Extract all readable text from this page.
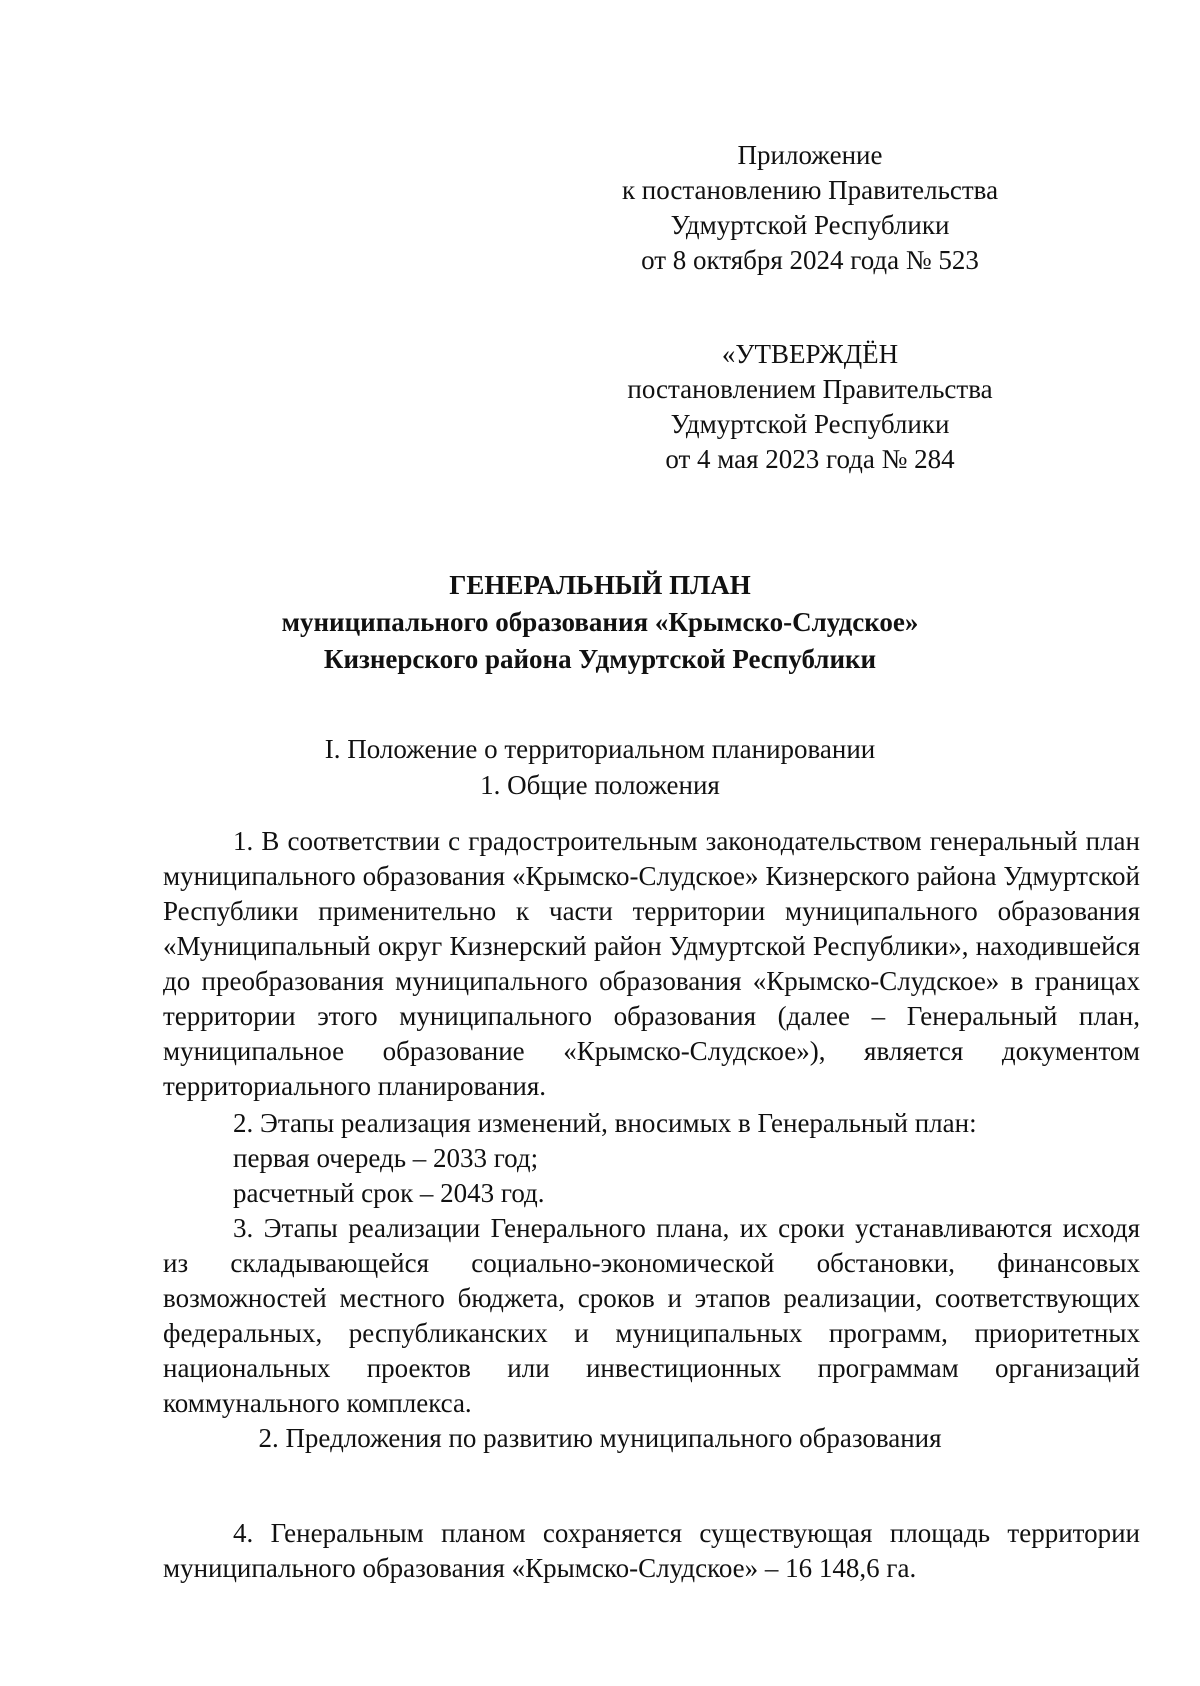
Приложение
к постановлению Правительства
Удмуртской Республики
от 8 октября 2024 года № 523
«УТВЕРЖДЁН
постановлением Правительства
Удмуртской Республики
от 4 мая 2023 года № 284
ГЕНЕРАЛЬНЫЙ ПЛАН
муниципального образования «Крымско-Слудское»
Кизнерского района Удмуртской Республики
I. Положение о территориальном планировании
1. Общие положения

1. В соответствии с градостроительным законодательством генеральный план муниципального образования «Крымско-Слудское» Кизнерского района Удмуртской Республики применительно к части территории муниципального образования «Муниципальный округ Кизнерский район Удмуртской Республики», находившейся до преобразования муниципального образования «Крымско-Слудское» в границах территории этого муниципального образования (далее – Генеральный план, муниципальное образование «Крымско-Слудское»), является документом территориального планирования.

2. Этапы реализация изменений, вносимых в Генеральный план:

первая очередь – 2033 год;
расчетный срок – 2043 год.

3. Этапы реализации Генерального плана, их сроки устанавливаются исходя из складывающейся социально-экономической обстановки, финансовых возможностей местного бюджета, сроков и этапов реализации, соответствующих федеральных, республиканских и муниципальных программ, приоритетных национальных проектов или инвестиционных программам организаций коммунального комплекса.

2. Предложения по развитию муниципального образования

4. Генеральным планом сохраняется существующая площадь территории муниципального образования «Крымско-Слудское» – 16 148,6 га.
